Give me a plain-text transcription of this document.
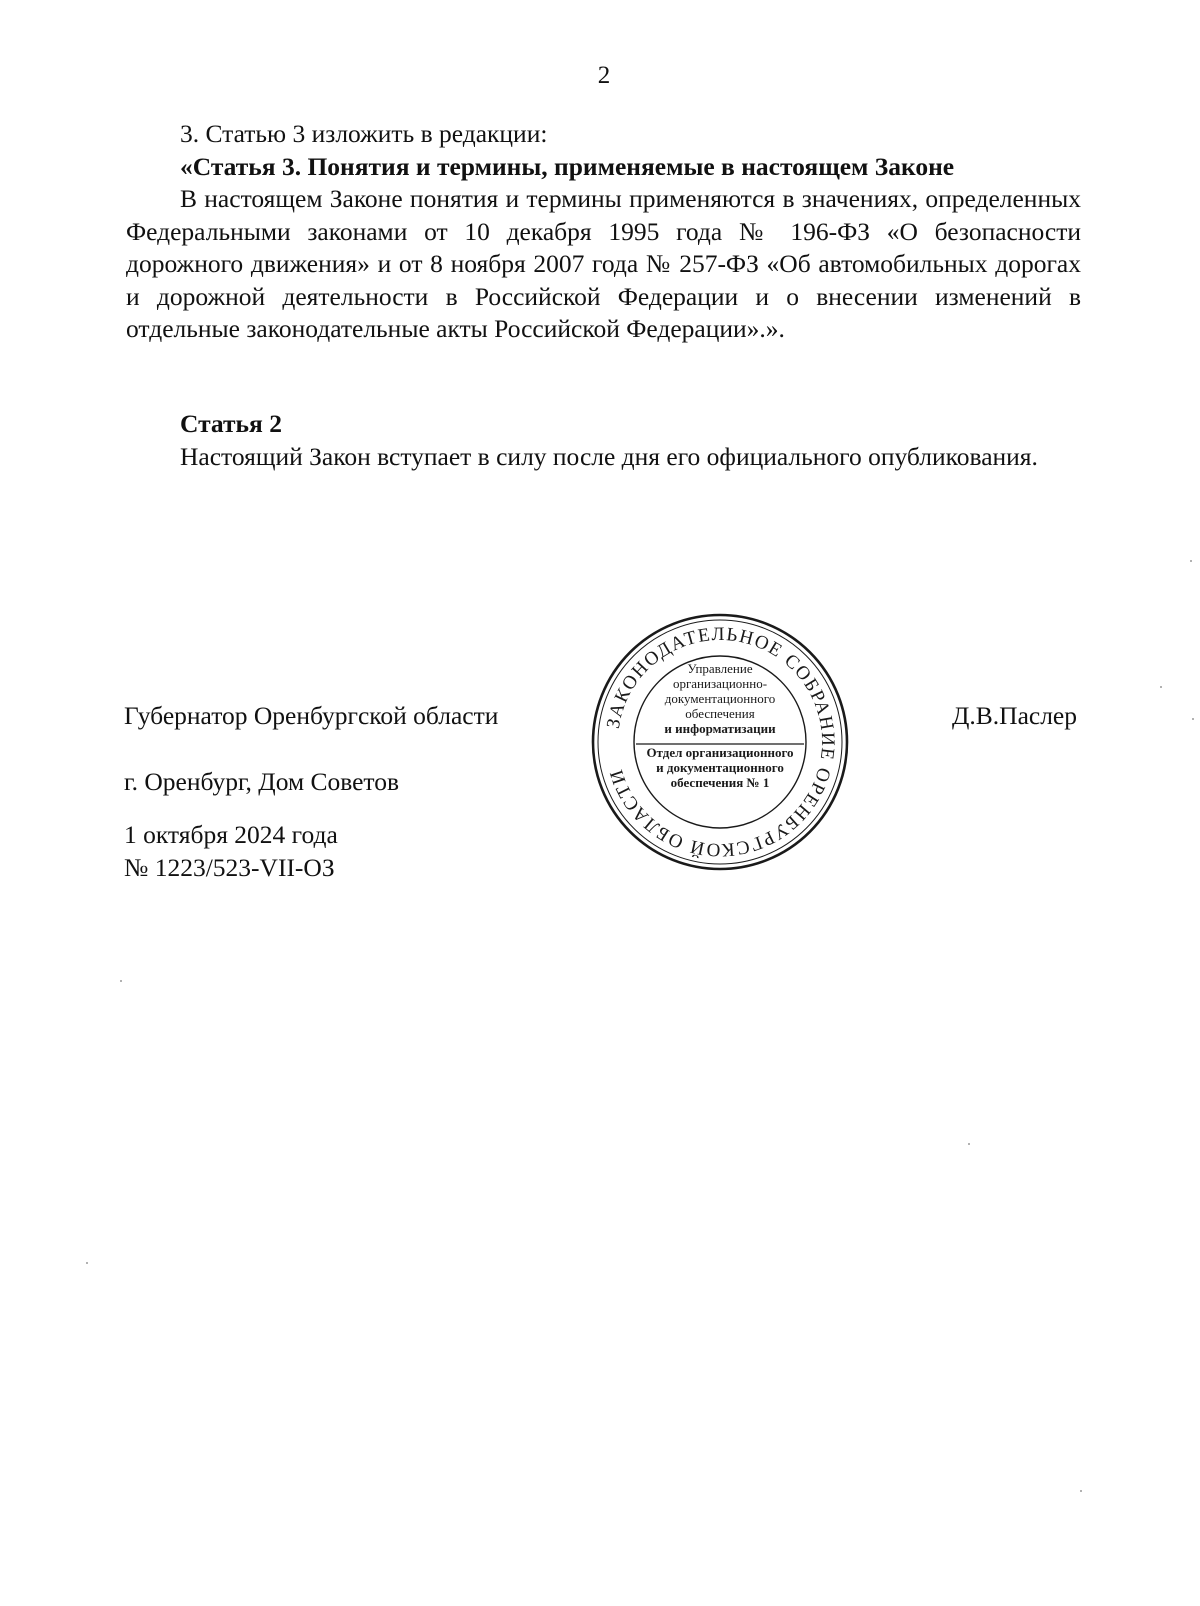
2

3. Статью 3 изложить в редакции:

«Статья 3. Понятия и термины, применяемые в настоящем Законе

В настоящем Законе понятия и термины применяются в значениях, определенных Федеральными законами от 10 декабря 1995 года № 196-ФЗ «О безопасности дорожного движения» и от 8 ноября 2007 года № 257-ФЗ «Об автомобильных дорогах и дорожной деятельности в Российской Федерации и о внесении изменений в отдельные законодательные акты Российской Федерации».».

Статья 2

Настоящий Закон вступает в силу после дня его официального опубликования.

Губернатор Оренбургской области	Д.В.Паслер
г. Оренбург, Дом Советов
1 октября 2024 года
№ 1223/523-VII-ОЗ
ЗАКОНОДАТЕЛЬНОЕ СОБРАНИЕ ОРЕНБУРГСКОЙ ОБЛАСТИ
Управление
организационно-
документационного
обеспечения
и информатизации
Отдел организационного
и документационного
обеспечения № 1
